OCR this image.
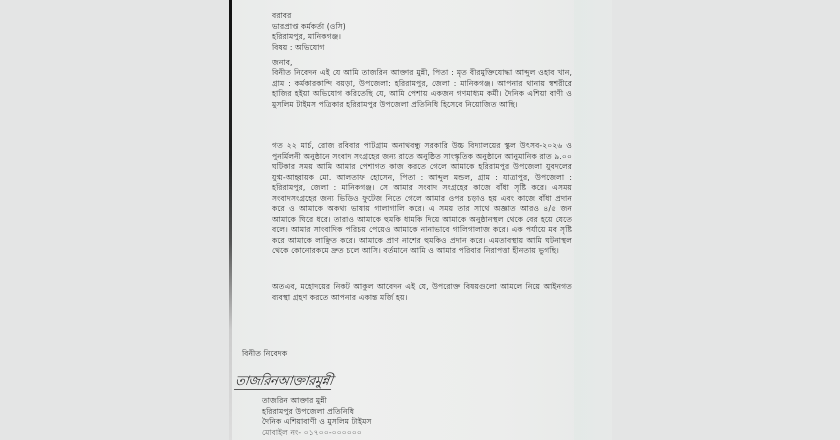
বরাবর
ভারপ্রাপ্ত কর্মকর্তা (ওসি)
হরিরামপুর, মানিকগঞ্জ।
বিষয় : অভিযোগ
জনাব,
বিনীত নিবেদন এই যে আমি তাজরিন আক্তার মুন্নী, পিতা : মৃত বীরমুক্তিযোদ্ধা আব্দুল ওহাব খান, গ্রাম : কর্মকারকান্দি বয়ড়া, উপজেলা: হরিরামপুর, জেলা : মানিকগঞ্জ। আপনার থানায় স্বশরীরে হাজির হইয়া অভিযোগ করিতেছি যে, আমি পেশায় একজন গণমাধ্যম কর্মী। দৈনিক এশিয়া বাণী ও মুসলিম টাইমস পত্রিকার হরিরামপুর উপজেলা প্রতিনিধি হিসেবে নিয়োজিত আছি।
গত ২২ মার্চ, রোজ রবিবার পাটগ্রাম অনাথবন্ধু সরকারি উচ্চ বিদ্যালয়ের স্কুল উৎসব-২০২৬ ও পুনর্মিলনী অনুষ্ঠানে সংবাদ সংগ্রহের জন্য রাতে অনুষ্ঠিত সাংস্কৃতিক অনুষ্ঠানে আনুমানিক রাত ৯.০০ ঘটিকার সময় আমি আমার পেশাগত কাজ করতে গেলে আমাকে হরিরামপুর উপজেলা যুবদলের যুগ্ম-আহ্বায়ক মো. আলতাফ হোসেন, পিতা : আব্দুল মন্ডল, গ্রাম : যাত্রাপুর, উপজেলা : হরিরামপুর, জেলা : মানিকগঞ্জ। সে আমার সংবাদ সংগ্রহের কাজে বাঁধা সৃষ্টি করে। এসময় সংবাদসংগ্রহের জন্য ভিডিও ফুটেজ নিতে গেলে আমার ওপর চড়াও হয় এবং কাজে বাঁধা প্রদান করে ও আমাকে অকথ্য ভাষায় গালাগালি করে। এ সময় তার সাথে অজ্ঞাত আরও ৪/৫ জন আমাকে ঘিরে ধরে। তারাও আমাকে হুমকি ধামকি দিয়ে আমাকে অনুষ্ঠানস্থল থেকে বের হয়ে যেতে বলে। আমার সাংবাদিক পরিচয় পেয়েও আমাকে নানাভাবে গালিগালাজ করে। এক পর্যায়ে মব সৃষ্টি করে আমাকে লাঞ্ছিত করে। আমাকে প্রাণ নাশের হুমকিও প্রদান করে। এমতাবস্থায় আমি ঘটনাস্থল থেকে কোনোরকমে দ্রুত চলে আসি। বর্তমানে আমি ও আমার পরিবার নিরাপত্তা হীনতায় ভুগছি।
অতএব, মহোদয়ের নিকট আকুল আবেদন এই যে, উপরোক্ত বিষয়গুলো আমলে নিয়ে আইনগত ব্যবস্থা গ্রহণ করতে আপনার একান্ত মর্জি হয়।
বিনীত নিবেদক
তাজরিনআক্তারমুন্নী
তাজরিন আক্তার মুন্নী
হরিরামপুর উপজেলা প্রতিনিধি
দৈনিক এশিয়াবাণী ও মুসলিম টাইমস
মোবাইল নং- ০১৭০০-০০০০০০
